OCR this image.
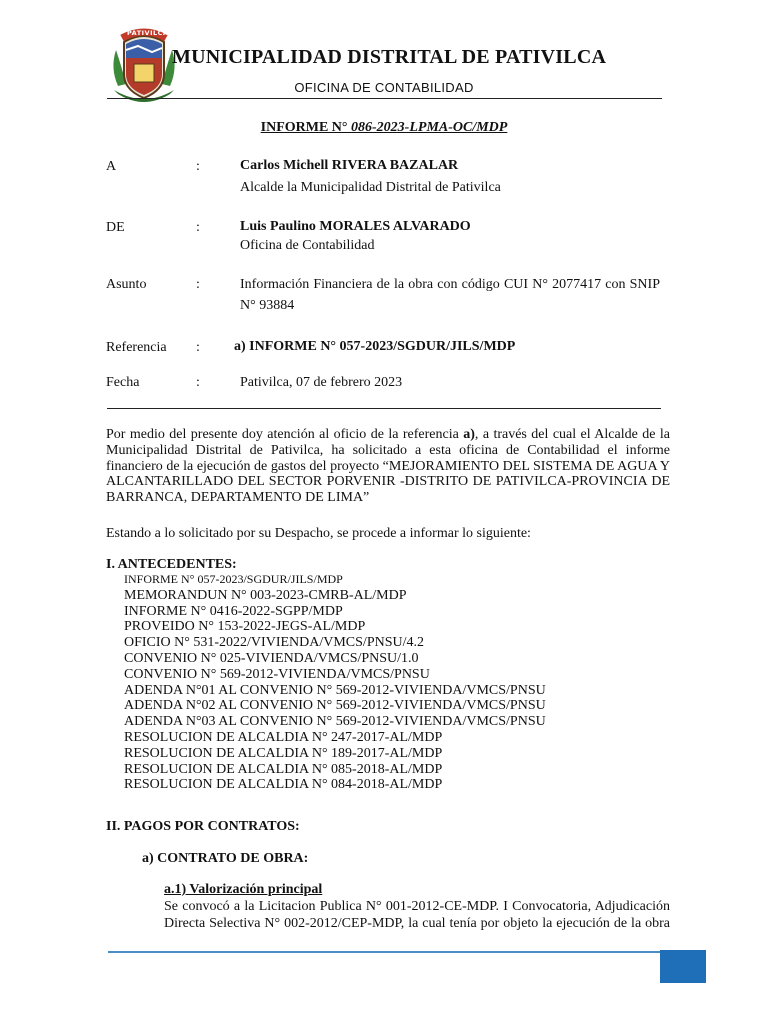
PATIVILCA
MUNICIPALIDAD DISTRITAL DE PATIVILCA
OFICINA DE CONTABILIDAD
INFORME N° 086-2023-LPMA-OC/MDP
A	:	Carlos Michell RIVERA BAZALAR
Alcalde la Municipalidad Distrital de Pativilca
DE	:	Luis Paulino MORALES ALVARADO
Oficina de Contabilidad
Asunto	:	Información Financiera de la obra con código CUI N° 2077417 con SNIP
N° 93884
Referencia : a) INFORME N° 057-2023/SGDUR/JILS/MDP
Fecha	:	Pativilca, 07 de febrero 2023
Por medio del presente doy atención al oficio de la referencia a), a través del cual el Alcalde de la Municipalidad Distrital de Pativilca, ha solicitado a esta oficina de Contabilidad el informe financiero de la ejecución de gastos del proyecto “MEJORAMIENTO DEL SISTEMA DE AGUA Y ALCANTARILLADO DEL SECTOR PORVENIR -DISTRITO DE PATIVILCA-PROVINCIA DE BARRANCA, DEPARTAMENTO DE LIMA”
Estando a lo solicitado por su Despacho, se procede a informar lo siguiente:
I. ANTECEDENTES:
INFORME N° 057-2023/SGDUR/JILS/MDP
MEMORANDUN N° 003-2023-CMRB-AL/MDP
INFORME N° 0416-2022-SGPP/MDP
PROVEIDO N° 153-2022-JEGS-AL/MDP
OFICIO N° 531-2022/VIVIENDA/VMCS/PNSU/4.2
CONVENIO N° 025-VIVIENDA/VMCS/PNSU/1.0
CONVENIO N° 569-2012-VIVIENDA/VMCS/PNSU
ADENDA N°01 AL CONVENIO N° 569-2012-VIVIENDA/VMCS/PNSU
ADENDA N°02 AL CONVENIO N° 569-2012-VIVIENDA/VMCS/PNSU
ADENDA N°03 AL CONVENIO N° 569-2012-VIVIENDA/VMCS/PNSU
RESOLUCION DE ALCALDIA N° 247-2017-AL/MDP
RESOLUCION DE ALCALDIA N° 189-2017-AL/MDP
RESOLUCION DE ALCALDIA N° 085-2018-AL/MDP
RESOLUCION DE ALCALDIA N° 084-2018-AL/MDP
II. PAGOS POR CONTRATOS:
a) CONTRATO DE OBRA:
a.1) Valorización principal
Se convocó a la Licitacion Publica N° 001-2012-CE-MDP. I Convocatoria, Adjudicación
Directa Selectiva N° 002-2012/CEP-MDP, la cual tenía por objeto la ejecución de la obra
